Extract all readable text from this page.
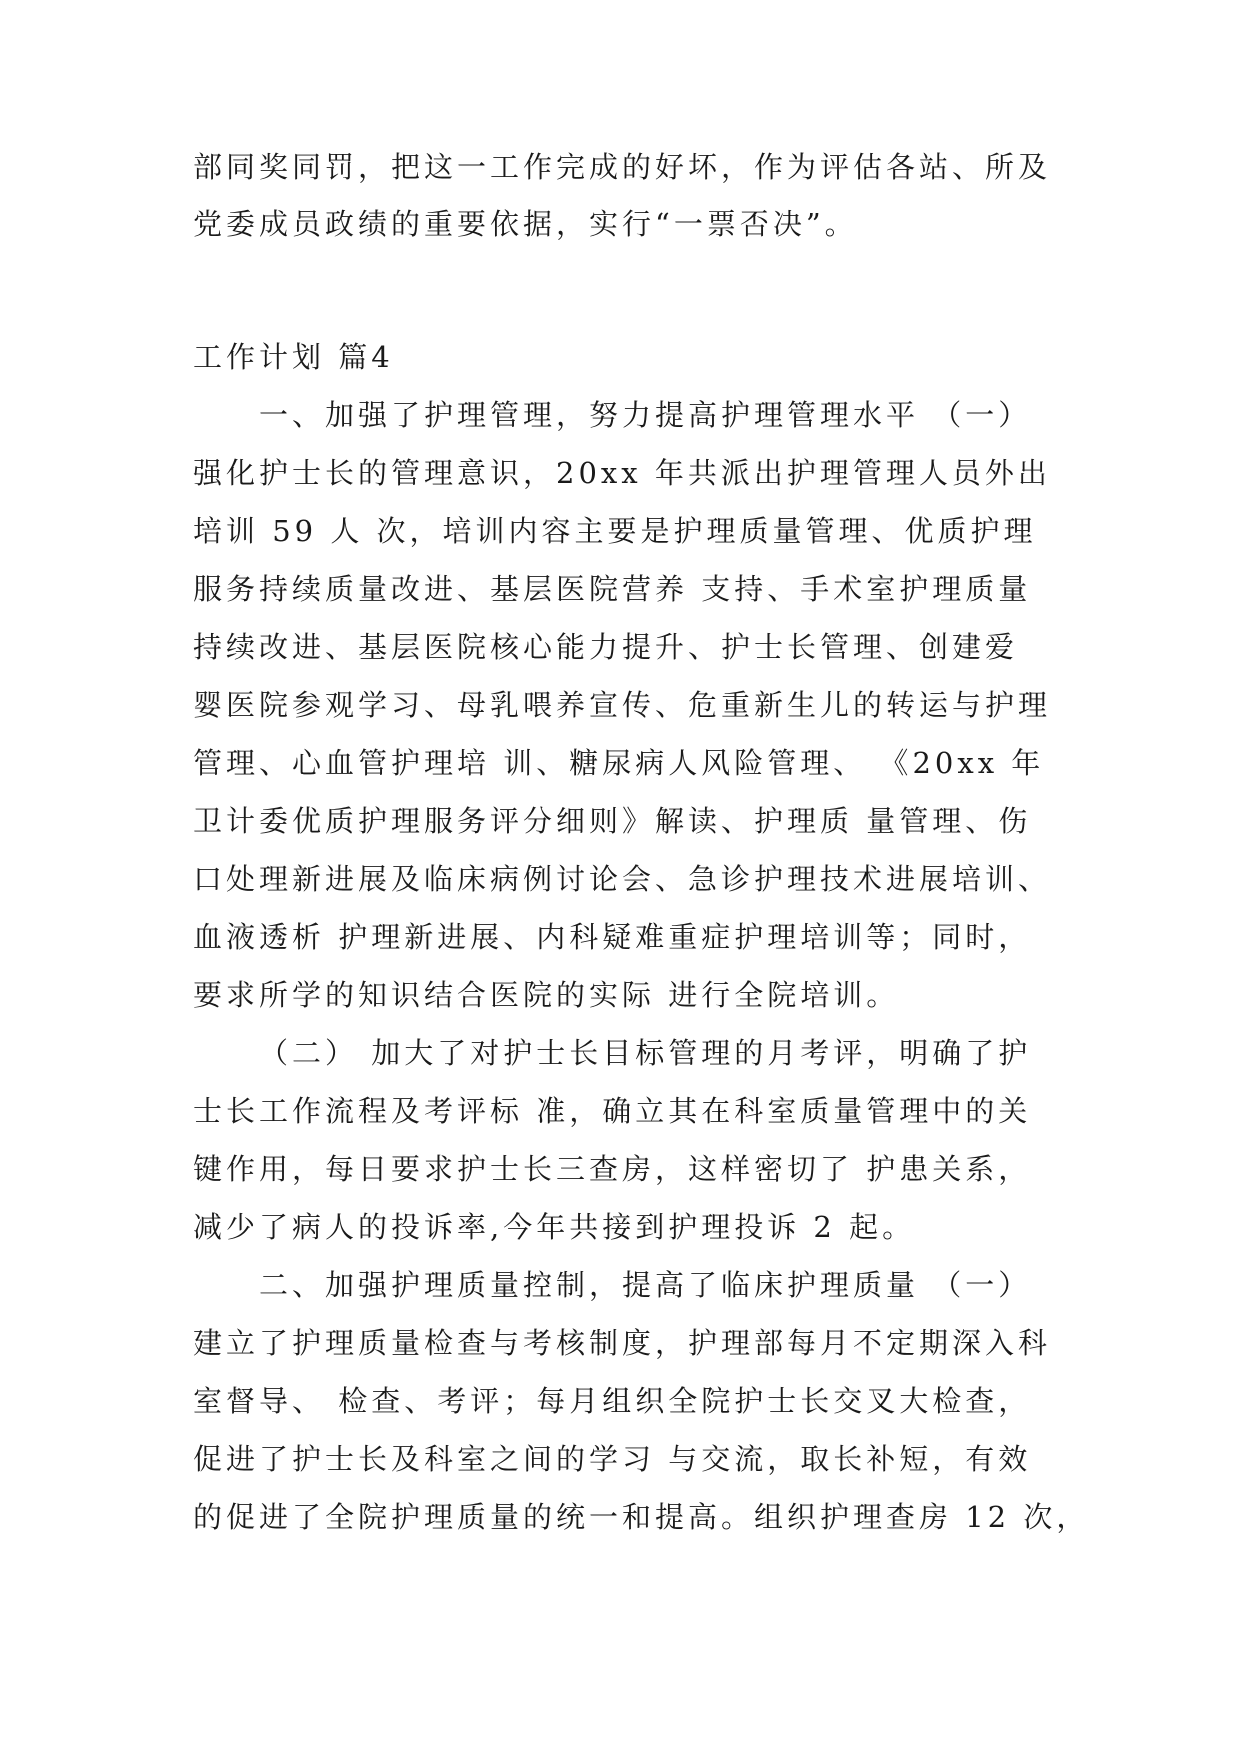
部同奖同罚，把这一工作完成的好坏，作为评估各站、所及
党委成员政绩的重要依据，实行“一票否决”。
工作计划 篇4
一、加强了护理管理，努力提高护理管理水平 （一）
强化护士长的管理意识，20xx 年共派出护理管理人员外出
培训 59 人 次，培训内容主要是护理质量管理、优质护理
服务持续质量改进、基层医院营养 支持、手术室护理质量
持续改进、基层医院核心能力提升、护士长管理、创建爱
婴医院参观学习、母乳喂养宣传、危重新生儿的转运与护理
管理、心血管护理培 训、糖尿病人风险管理、 《20xx 年
卫计委优质护理服务评分细则》解读、护理质 量管理、伤
口处理新进展及临床病例讨论会、急诊护理技术进展培训、
血液透析 护理新进展、内科疑难重症护理培训等；同时，
要求所学的知识结合医院的实际 进行全院培训。
（二） 加大了对护士长目标管理的月考评，明确了护
士长工作流程及考评标 准，确立其在科室质量管理中的关
键作用，每日要求护士长三查房，这样密切了 护患关系，
减少了病人的投诉率,今年共接到护理投诉 2 起。
二、加强护理质量控制，提高了临床护理质量 （一）
建立了护理质量检查与考核制度，护理部每月不定期深入科
室督导、 检查、考评；每月组织全院护士长交叉大检查，
促进了护士长及科室之间的学习 与交流，取长补短，有效
的促进了全院护理质量的统一和提高。组织护理查房 12 次，
